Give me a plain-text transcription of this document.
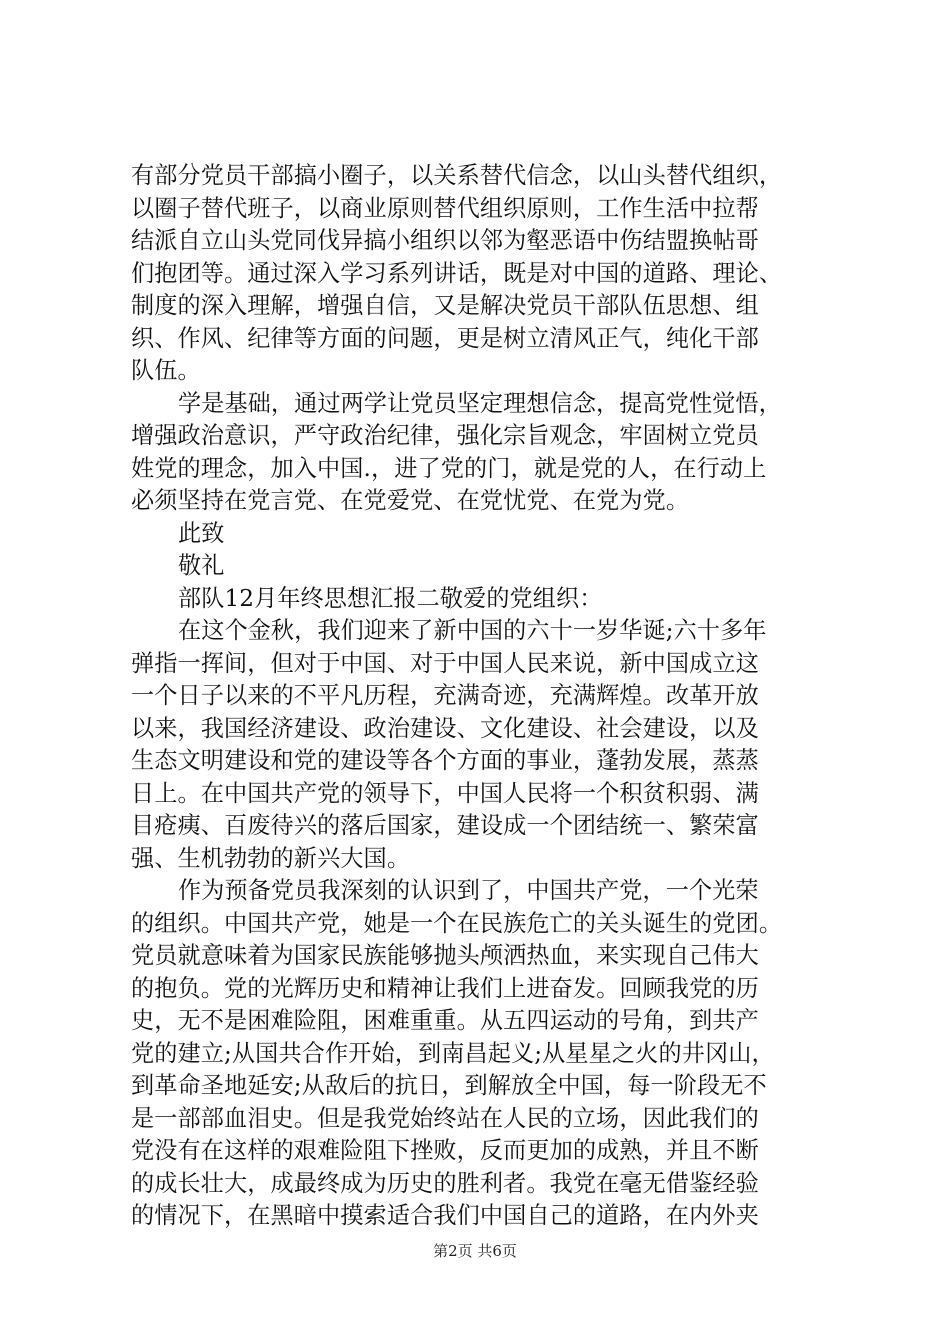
有部分党员干部搞小圈子，以关系替代信念，以山头替代组织，
以圈子替代班子，以商业原则替代组织原则，工作生活中拉帮
结派自立山头党同伐异搞小组织以邻为壑恶语中伤结盟换帖哥
们抱团等。通过深入学习系列讲话，既是对中国的道路、理论、
制度的深入理解，增强自信，又是解决党员干部队伍思想、组
织、作风、纪律等方面的问题，更是树立清风正气，纯化干部
队伍。
学是基础，通过两学让党员坚定理想信念，提高党性觉悟，
增强政治意识，严守政治纪律，强化宗旨观念，牢固树立党员
姓党的理念，加入中国.，进了党的门，就是党的人，在行动上
必须坚持在党言党、在党爱党、在党忧党、在党为党。
此致
敬礼
部队12月年终思想汇报二敬爱的党组织：
在这个金秋，我们迎来了新中国的六十一岁华诞;六十多年
弹指一挥间，但对于中国、对于中国人民来说，新中国成立这
一个日子以来的不平凡历程，充满奇迹，充满辉煌。改革开放
以来，我国经济建设、政治建设、文化建设、社会建设，以及
生态文明建设和党的建设等各个方面的事业，蓬勃发展，蒸蒸
日上。在中国共产党的领导下，中国人民将一个积贫积弱、满
目疮痍、百废待兴的落后国家，建设成一个团结统一、繁荣富
强、生机勃勃的新兴大国。
作为预备党员我深刻的认识到了，中国共产党，一个光荣
的组织。中国共产党，她是一个在民族危亡的关头诞生的党团。
党员就意味着为国家民族能够抛头颅洒热血，来实现自己伟大
的抱负。党的光辉历史和精神让我们上进奋发。回顾我党的历
史，无不是困难险阻，困难重重。从五四运动的号角，到共产
党的建立;从国共合作开始，到南昌起义;从星星之火的井冈山，
到革命圣地延安;从敌后的抗日，到解放全中国，每一阶段无不
是一部部血泪史。但是我党始终站在人民的立场，因此我们的
党没有在这样的艰难险阻下挫败，反而更加的成熟，并且不断
的成长壮大，成最终成为历史的胜利者。我党在毫无借鉴经验
的情况下，在黑暗中摸索适合我们中国自己的道路，在内外夹
第2页 共6页
